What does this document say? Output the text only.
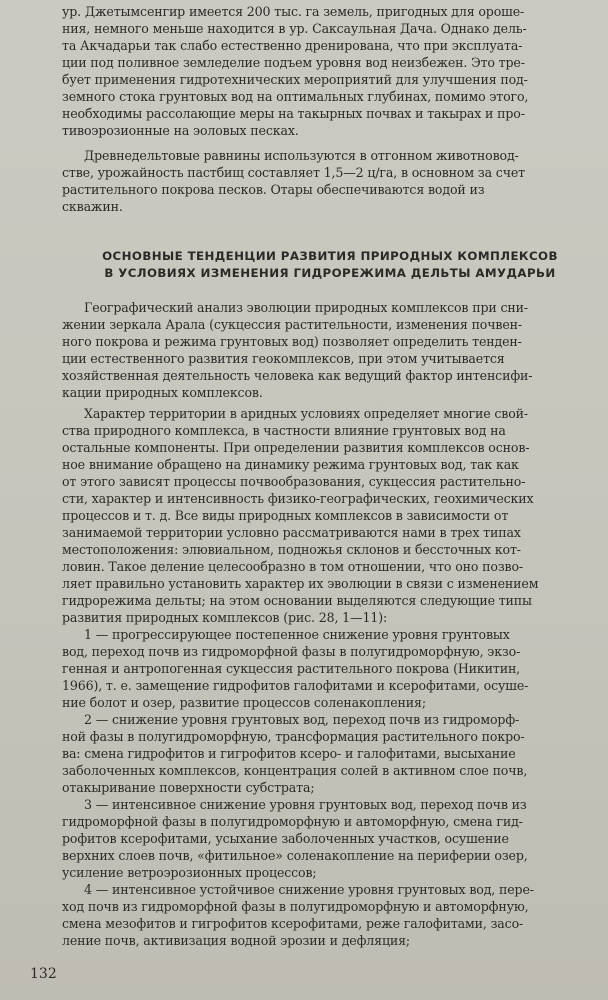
ур. Джетымсенгир имеется 200 тыс. га земель, пригодных для ороше-
ния, немного меньше находится в ур. Саксаульная Дача. Однако дель-
та Акчадарьи так слабо естественно дренирована, что при эксплуата-
ции под поливное земледелие подъем уровня вод неизбежен. Это тре-
бует применения гидротехнических мероприятий для улучшения под-
земного стока грунтовых вод на оптимальных глубинах, помимо этого,
необходимы рассолающие меры на такырных почвах и такырах и про-
тивоэрозионные на эоловых песках.
Древнедельтовые равнины используются в отгонном животновод-
стве, урожайность пастбищ составляет 1,5—2 ц/га, в основном за счет
растительного покрова песков. Отары обеспечиваются водой из
скважин.
ОСНОВНЫЕ ТЕНДЕНЦИИ РАЗВИТИЯ ПРИРОДНЫХ КОМПЛЕКСОВ
В УСЛОВИЯХ ИЗМЕНЕНИЯ ГИДРОРЕЖИМА ДЕЛЬТЫ АМУДАРЬИ
Географический анализ эволюции природных комплексов при сни-
жении зеркала Арала (сукцессия растительности, изменения почвен-
ного покрова и режима грунтовых вод) позволяет определить тенден-
ции естественного развития геокомплексов, при этом учитывается
хозяйственная деятельность человека как ведущий фактор интенсифи-
кации природных комплексов.
Характер территории в аридных условиях определяет многие свой-
ства природного комплекса, в частности влияние грунтовых вод на
остальные компоненты. При определении развития комплексов основ-
ное внимание обращено на динамику режима грунтовых вод, так как
от этого зависят процессы почвообразования, сукцессия растительно-
сти, характер и интенсивность физико-географических, геохимических
процессов и т. д. Все виды природных комплексов в зависимости от
занимаемой территории условно рассматриваются нами в трех типах
местоположения: элювиальном, подножья склонов и бессточных кот-
ловин. Такое деление целесообразно в том отношении, что оно позво-
ляет правильно установить характер их эволюции в связи с изменением
гидрорежима дельты; на этом основании выделяются следующие типы
развития природных комплексов (рис. 28, 1—11):
1 — прогрессирующее постепенное снижение уровня грунтовых
вод, переход почв из гидроморфной фазы в полугидроморфную, экзо-
генная и антропогенная сукцессия растительного покрова (Никитин,
1966), т. е. замещение гидрофитов галофитами и ксерофитами, осуше-
ние болот и озер, развитие процессов соленакопления;
2 — снижение уровня грунтовых вод, переход почв из гидроморф-
ной фазы в полугидроморфную, трансформация растительного покро-
ва: смена гидрофитов и гигрофитов ксеро- и галофитами, высыхание
заболоченных комплексов, концентрация солей в активном слое почв,
отакыривание поверхности субстрата;
3 — интенсивное снижение уровня грунтовых вод, переход почв из
гидроморфной фазы в полугидроморфную и автоморфную, смена гид-
рофитов ксерофитами, усыхание заболоченных участков, осушение
верхних слоев почв, «фитильное» соленакопление на периферии озер,
усиление ветроэрозионных процессов;
4 — интенсивное устойчивое снижение уровня грунтовых вод, пере-
ход почв из гидроморфной фазы в полугидроморфную и автоморфную,
смена мезофитов и гигрофитов ксерофитами, реже галофитами, засо-
ление почв, активизация водной эрозии и дефляция;
132
